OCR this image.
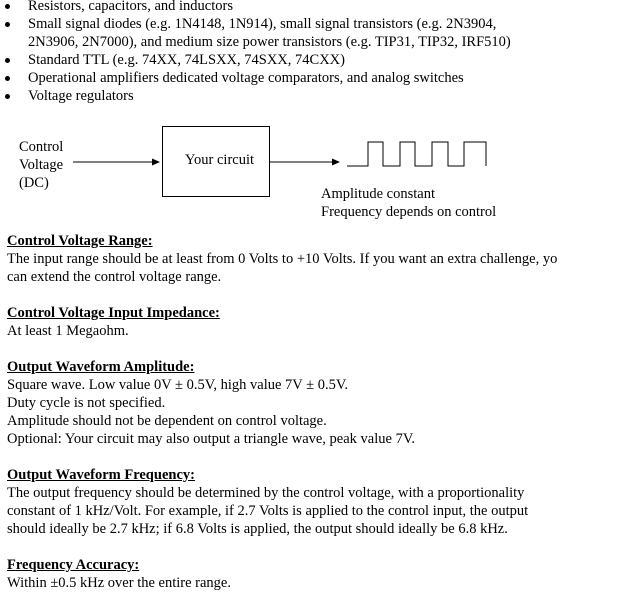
Resistors, capacitors, and inductors
Small signal diodes (e.g. 1N4148, 1N914), small signal transistors (e.g. 2N3904,
2N3906, 2N7000), and medium size power transistors (e.g. TIP31, TIP32, IRF510)
Standard TTL (e.g. 74XX, 74LSXX, 74SXX, 74CXX)
Operational amplifiers dedicated voltage comparators, and analog switches
Voltage regulators
Control
Voltage
(DC)
Your circuit
Amplitude constant
Frequency depends on control
Control Voltage Range:

The input range should be at least from 0 Volts to +10 Volts. If you want an extra challenge, yo

can extend the control voltage range.

Control Voltage Input Impedance:

At least 1 Megaohm.

Output Waveform Amplitude:

Square wave. Low value 0V ± 0.5V, high value 7V ± 0.5V.

Duty cycle is not specified.

Amplitude should not be dependent on control voltage.

Optional: Your circuit may also output a triangle wave, peak value 7V.

Output Waveform Frequency:

The output frequency should be determined by the control voltage, with a proportionality

constant of 1 kHz/Volt. For example, if 2.7 Volts is applied to the control input, the output

should ideally be 2.7 kHz; if 6.8 Volts is applied, the output should ideally be 6.8 kHz.

Frequency Accuracy:

Within ±0.5 kHz over the entire range.
